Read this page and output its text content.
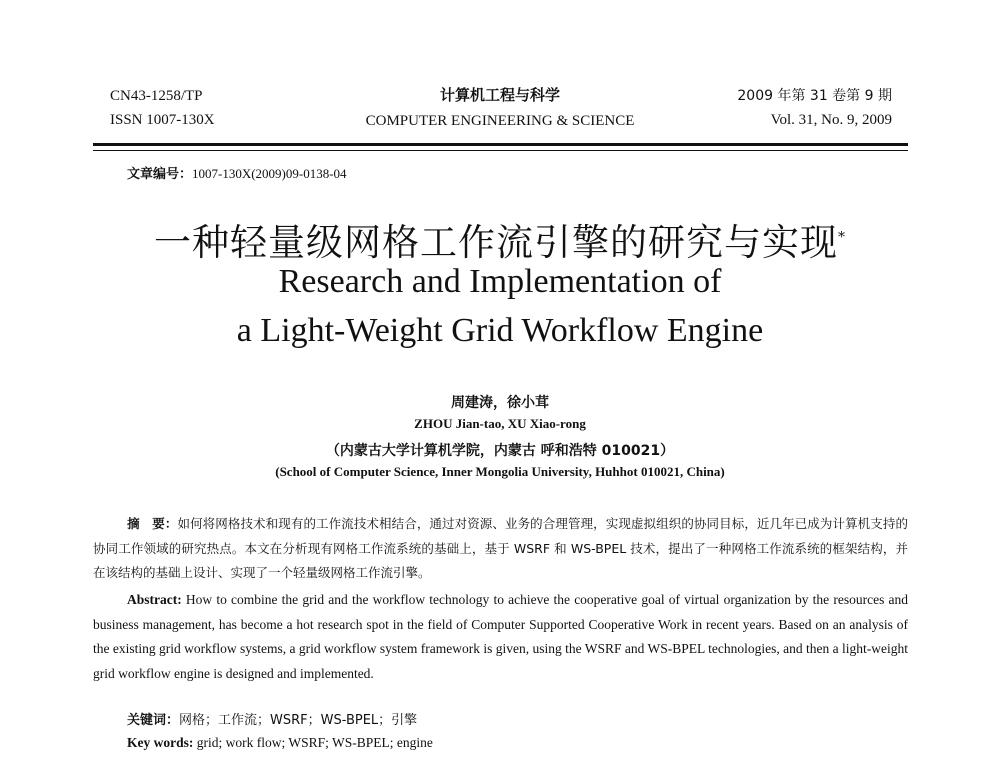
CN43-1258/TP
ISSN 1007-130X
计算机工程与科学
COMPUTER ENGINEERING & SCIENCE
2009 年第 31 卷第 9 期
Vol. 31, No. 9, 2009
文章编号：1007-130X(2009)09-0138-04
一种轻量级网格工作流引擎的研究与实现*
Research and Implementation of
a Light-Weight Grid Workflow Engine
周建涛，徐小茸
ZHOU Jian-tao, XU Xiao-rong
（内蒙古大学计算机学院，内蒙古 呼和浩特 010021）
(School of Computer Science, Inner Mongolia University, Huhhot 010021, China)
摘　要：如何将网格技术和现有的工作流技术相结合，通过对资源、业务的合理管理，实现虚拟组织的协同目标，近几年已成为计算机支持的协同工作领域的研究热点。本文在分析现有网格工作流系统的基础上，基于 WSRF 和 WS-BPEL 技术，提出了一种网格工作流系统的框架结构，并在该结构的基础上设计、实现了一个轻量级网格工作流引擎。
Abstract: How to combine the grid and the workflow technology to achieve the cooperative goal of virtual organization by the resources and business management, has become a hot research spot in the field of Computer Supported Cooperative Work in recent years. Based on an analysis of the existing grid workflow systems, a grid workflow system framework is given, using the WSRF and WS-BPEL technologies, and then a light-weight grid workflow engine is designed and implemented.
关键词：网格；工作流；WSRF；WS-BPEL；引擎
Key words: grid; work flow; WSRF; WS-BPEL; engine
